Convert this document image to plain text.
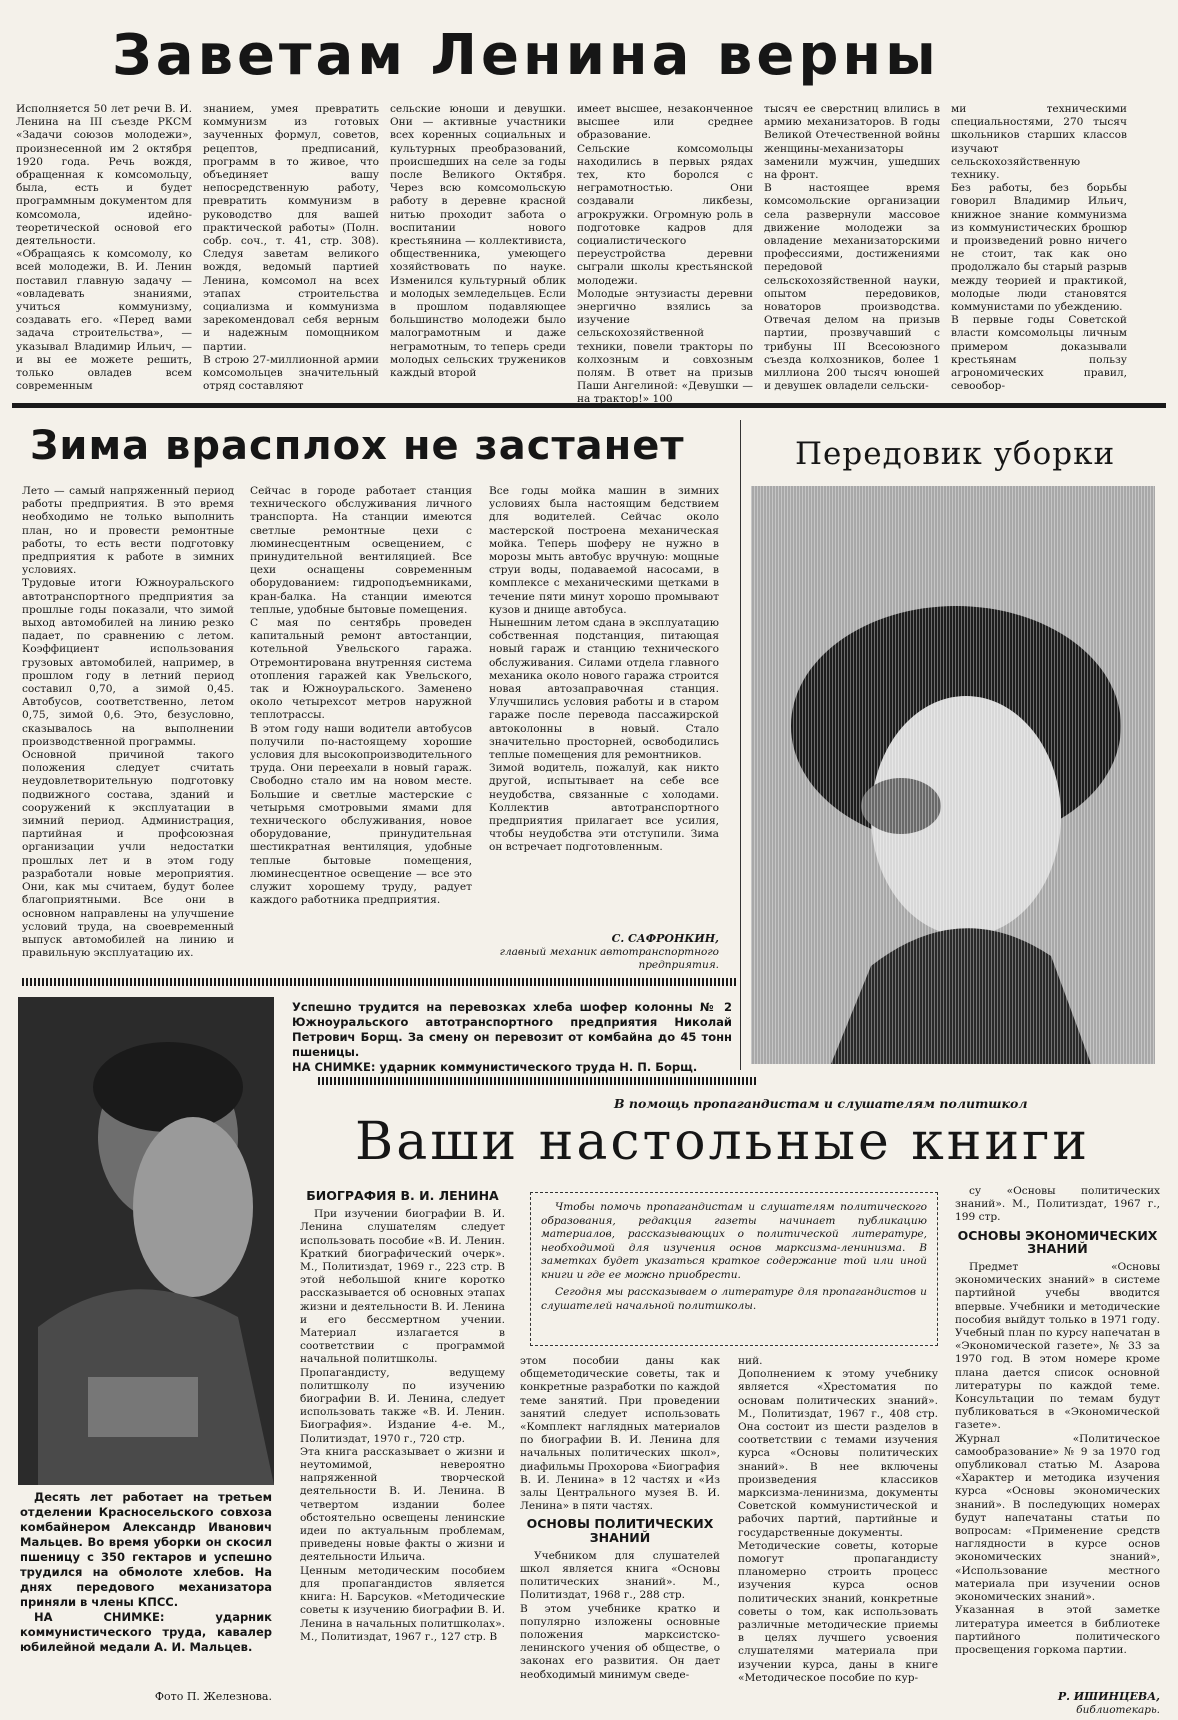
Заветам Ленина верны
Исполняется 50 лет речи В. И. Ленина на III съезде РКСМ «Задачи союзов молодежи», произнесенной им 2 октября 1920 года. Речь вождя, обращенная к комсомольцу, была, есть и будет программным документом для комсомола, идейно-теоретической основой его деятельности.
«Обращаясь к комсомолу, ко всей молодежи, В. И. Ленин поставил главную задачу — «овладевать знаниями, учиться коммунизму, создавать его. «Перед вами задача строительства», — указывал Владимир Ильич, — и вы ее можете решить, только овладев всем современным
знанием, умея превратить коммунизм из готовых заученных формул, советов, рецептов, предписаний, программ в то живое, что объединяет вашу непосредственную работу, превратить коммунизм в руководство для вашей практической работы» (Полн. собр. соч., т. 41, стр. 308). Следуя заветам великого вождя, ведомый партией Ленина, комсомол на всех этапах строительства социализма и коммунизма зарекомендовал себя верным и надежным помощником партии.
В строю 27-миллионной армии комсомольцев значительный отряд составляют
сельские юноши и девушки. Они — активные участники всех коренных социальных и культурных преобразований, происшедших на селе за годы после Великого Октября. Через всю комсомольскую работу в деревне красной нитью проходит забота о воспитании нового крестьянина — коллективиста, общественника, умеющего хозяйствовать по науке. Изменился культурный облик и молодых земледельцев. Если в прошлом подавляющее большинство молодежи было малограмотным и даже неграмотным, то теперь среди молодых сельских тружеников каждый второй
имеет высшее, незаконченное высшее или среднее образование.
Сельские комсомольцы находились в первых рядах тех, кто боролся с неграмотностью. Они создавали ликбезы, агрокружки. Огромную роль в подготовке кадров для социалистического переустройства деревни сыграли школы крестьянской молодежи.
Молодые энтузиасты деревни энергично взялись за изучение сельскохозяйственной техники, повели тракторы по колхозным и совхозным полям. В ответ на призыв Паши Ангелиной: «Девушки — на трактор!» 100
тысяч ее сверстниц влились в армию механизаторов. В годы Великой Отечественной войны женщины-механизаторы заменили мужчин, ушедших на фронт.
В настоящее время комсомольские организации села развернули массовое движение молодежи за овладение механизаторскими профессиями, достижениями передовой сельскохозяйственной науки, опытом передовиков, новаторов производства. Отвечая делом на призыв партии, прозвучавший с трибуны III Всесоюзного съезда колхозников, более 1 миллиона 200 тысяч юношей и девушек овладели сельски-
ми техническими специальностями, 270 тысяч школьников старших классов изучают сельскохозяйственную технику.
Без работы, без борьбы говорил Владимир Ильич, книжное знание коммунизма из коммунистических брошюр и произведений ровно ничего не стоит, так как оно продолжало бы старый разрыв между теорией и практикой, молодые люди становятся коммунистами по убеждению.
В первые годы Советской власти комсомольцы личным примером доказывали крестьянам пользу агрономических правил, севообор-
Зима врасплох не застанет
Лето — самый напряженный период работы предприятия. В это время необходимо не только выполнить план, но и провести ремонтные работы, то есть вести подготовку предприятия к работе в зимних условиях.
Трудовые итоги Южноуральского автотранспортного предприятия за прошлые годы показали, что зимой выход автомобилей на линию резко падает, по сравнению с летом. Коэффициент использования грузовых автомобилей, например, в прошлом году в летний период составил 0,70, а зимой 0,45. Автобусов, соответственно, летом 0,75, зимой 0,6. Это, безусловно, сказывалось на выполнении производственной программы.
Основной причиной такого положения следует считать неудовлетворительную подготовку подвижного состава, зданий и сооружений к эксплуатации в зимний период. Администрация, партийная и профсоюзная организации учли недостатки прошлых лет и в этом году разработали новые мероприятия. Они, как мы считаем, будут более благоприятными. Все они в основном направлены на улучшение условий труда, на своевременный выпуск автомобилей на линию и правильную эксплуатацию их.
Сейчас в городе работает станция технического обслуживания личного транспорта. На станции имеются светлые ремонтные цехи с люминесцентным освещением, с принудительной вентиляцией. Все цехи оснащены современным оборудованием: гидроподъемниками, кран-балка. На станции имеются теплые, удобные бытовые помещения.
С мая по сентябрь проведен капитальный ремонт автостанции, котельной Увельского гаража. Отремонтирована внутренняя система отопления гаражей как Увельского, так и Южноуральского. Заменено около четырехсот метров наружной теплотрассы.
В этом году наши водители автобусов получили по-настоящему хорошие условия для высокопроизводительного труда. Они переехали в новый гараж. Свободно стало им на новом месте. Большие и светлые мастерские с четырьмя смотровыми ямами для технического обслуживания, новое оборудование, принудительная шестикратная вентиляция, удобные теплые бытовые помещения, люминесцентное освещение — все это служит хорошему труду, радует каждого работника предприятия.
Все годы мойка машин в зимних условиях была настоящим бедствием для водителей. Сейчас около мастерской построена механическая мойка. Теперь шоферу не нужно в морозы мыть автобус вручную: мощные струи воды, подаваемой насосами, в комплексе с механическими щетками в течение пяти минут хорошо промывают кузов и днище автобуса.
Нынешним летом сдана в эксплуатацию собственная подстанция, питающая новый гараж и станцию технического обслуживания. Силами отдела главного механика около нового гаража строится новая автозаправочная станция. Улучшились условия работы и в старом гараже после перевода пассажирской автоколонны в новый. Стало значительно просторней, освободились теплые помещения для ремонтников.
Зимой водитель, пожалуй, как никто другой, испытывает на себе все неудобства, связанные с холодами. Коллектив автотранспортного предприятия прилагает все усилия, чтобы неудобства эти отступили. Зима он встречает подготовленным.
С. САФРОНКИН,
главный механик автотранспортного предприятия.
Передовик уборки
Успешно трудится на перевозках хлеба шофер колонны № 2 Южноуральского автотранспортного предприятия Николай Петрович Борщ. За смену он перевозит от комбайна до 45 тонн пшеницы.
НА СНИМКЕ: ударник коммунистического труда Н. П. Борщ.
Десять лет работает на третьем отделении Красносельского совхоза комбайнером Александр Иванович Мальцев. Во время уборки он скосил пшеницу с 350 гектаров и успешно трудился на обмолоте хлебов. На днях передового механизатора приняли в члены КПСС.
НА СНИМКЕ:	ударник коммунистического труда, кавалер юбилейной медали А. И. Мальцев.
Фото П. Железнова.
В помощь пропагандистам и слушателям политшкол
Ваши настольные книги
БИОГРАФИЯ В. И. ЛЕНИНА
При изучении биографии В. И. Ленина слушателям следует использовать пособие «В. И. Ленин. Краткий биографический очерк». М., Политиздат, 1969 г., 223 стр. В этой небольшой книге коротко рассказывается об основных этапах жизни и деятельности В. И. Ленина и его бессмертном учении. Материал излагается в соответствии с программой начальной политшколы.
Пропагандисту, ведущему политшколу по изучению биографии В. И. Ленина, следует использовать также «В. И. Ленин. Биография». Издание 4-е. М., Политиздат, 1970 г., 720 стр.
Эта книга рассказывает о жизни и неутомимой, невероятно напряженной творческой деятельности В. И. Ленина. В четвертом издании более обстоятельно освещены ленинские идеи по актуальным проблемам, приведены новые факты о жизни и деятельности Ильича.
Ценным методическим пособием для пропагандистов является книга: Н. Барсуков. «Методические советы к изучению биографии В. И. Ленина в начальных политшколах». М., Политиздат, 1967 г., 127 стр. В

Чтобы помочь пропагандистам и слушателям политического образования, редакция газеты начинает публикацию материалов, рассказывающих о политической литературе, необходимой для изучения основ марксизма-ленинизма. В заметках будет указаться краткое содержание той или иной книги и где ее можно приобрести.

Сегодня мы рассказываем о литературе для пропагандистов и слушателей начальной политшколы.

этом пособии даны как общеметодические советы, так и конкретные разработки по каждой теме занятий. При проведении занятий следует использовать «Комплект наглядных материалов по биографии В. И. Ленина для начальных политических школ», диафильмы Прохорова «Биография В. И. Ленина» в 12 частях и «Из залы Центрального музея В. И. Ленина» в пяти частях.
ОСНОВЫ ПОЛИТИЧЕСКИХ ЗНАНИЙ
Учебником для слушателей школ является книга «Основы политических знаний». М., Политиздат, 1968 г., 288 стр.
В этом учебнике кратко и популярно изложены основные положения марксистско-ленинского учения об обществе, о законах его развития. Он дает необходимый минимум сведе-
ний.
Дополнением к этому учебнику является «Хрестоматия по основам политических знаний». М., Политиздат, 1967 г., 408 стр. Она состоит из шести разделов в соответствии с темами изучения курса «Основы политических знаний». В нее включены произведения классиков марксизма-ленинизма, документы Советской коммунистической и рабочих партий, партийные и государственные документы.
Методические советы, которые помогут пропагандисту планомерно строить процесс изучения курса основ политических знаний, конкретные советы о том, как использовать различные методические приемы в целях лучшего усвоения слушателями материала при изучении курса, даны в книге «Методическое пособие по кур-
су «Основы политических знаний». М., Политиздат, 1967 г., 199 стр.
ОСНОВЫ ЭКОНОМИЧЕСКИХ ЗНАНИЙ
Предмет «Основы экономических знаний» в системе партийной учебы вводится впервые. Учебники и методические пособия выйдут только в 1971 году. Учебный план по курсу напечатан в «Экономической газете», № 33 за 1970 год. В этом номере кроме плана дается список основной литературы по каждой теме. Консультации по темам будут публиковаться в «Экономической газете».
Журнал «Политическое самообразование» № 9 за 1970 год опубликовал статью М. Азарова «Характер и методика изучения курса «Основы экономических знаний». В последующих номерах будут напечатаны статьи по вопросам: «Применение средств наглядности в курсе основ экономических знаний», «Использование местного материала при изучении основ экономических знаний».
Указанная в этой заметке литература имеется в библиотеке партийного политического просвещения горкома партии.
Р. ИШИНЦЕВА,
библиотекарь.
